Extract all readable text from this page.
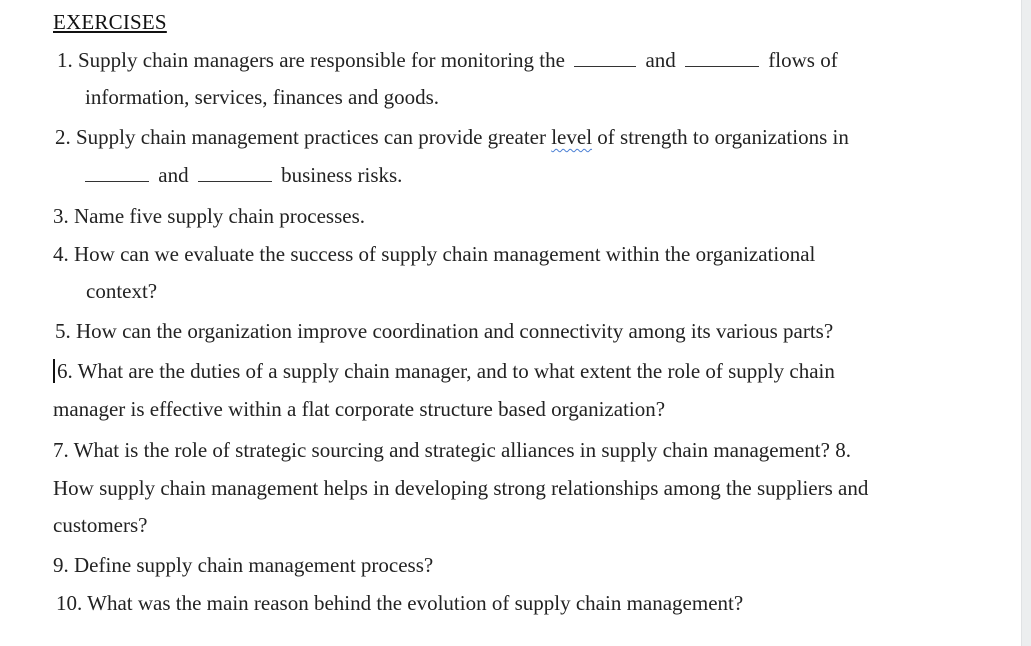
EXERCISES
1. Supply chain managers are responsible for monitoring the	and	flows of
information, services, finances and goods.
2. Supply chain management practices can provide greater level of strength to organizations in
and	business risks.
3. Name five supply chain processes.
4. How can we evaluate the success of supply chain management within the organizational
context?
5. How can the organization improve coordination and connectivity among its various parts?
6. What are the duties of a supply chain manager, and to what extent the role of supply chain
manager is effective within a flat corporate structure based organization?
7. What is the role of strategic sourcing and strategic alliances in supply chain management? 8.
How supply chain management helps in developing strong relationships among the suppliers and
customers?
9. Define supply chain management process?
10. What was the main reason behind the evolution of supply chain management?
